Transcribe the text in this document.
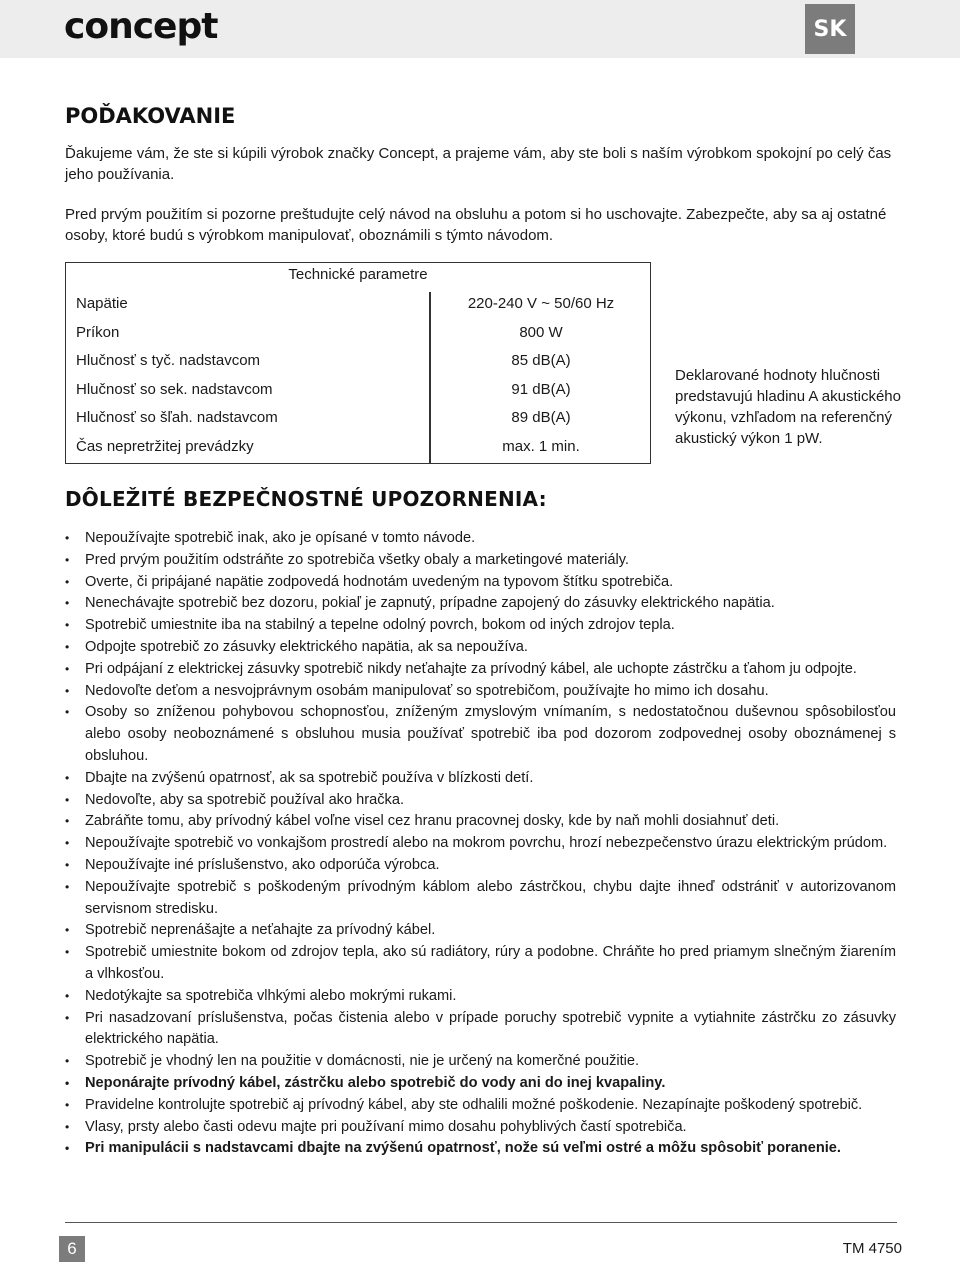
concept	SK
POĎAKOVANIE

Ďakujeme vám, že ste si kúpili výrobok značky Concept, a prajeme vám, aby ste boli s naším výrobkom spokojní po celý čas jeho používania.

Pred prvým použitím si pozorne preštudujte celý návod na obsluhu a potom si ho uschovajte. Zabezpečte, aby sa aj ostatné osoby, ktoré budú s výrobkom manipulovať, oboznámili s týmto návodom.

Technické parametre
Napätie	220-240 V ~ 50/60 Hz
Príkon	800 W
Hlučnosť s tyč. nadstavcom	85 dB(A)
Hlučnosť so sek. nadstavcom	91 dB(A)
Hlučnosť so šľah. nadstavcom	89 dB(A)
Čas nepretržitej prevádzky	max. 1 min.

Deklarované hodnoty hlučnosti predstavujú hladinu A akustického výkonu, vzhľadom na referenčný akustický výkon 1 pW.

DÔLEŽITÉ BEZPEČNOSTNÉ UPOZORNENIA:
• Nepoužívajte spotrebič inak, ako je opísané v tomto návode.
• Pred prvým použitím odstráňte zo spotrebiča všetky obaly a marketingové materiály.
• Overte, či pripájané napätie zodpovedá hodnotám uvedeným na typovom štítku spotrebiča.
• Nenechávajte spotrebič bez dozoru, pokiaľ je zapnutý, prípadne zapojený do zásuvky elektrického napätia.
• Spotrebič umiestnite iba na stabilný a tepelne odolný povrch, bokom od iných zdrojov tepla.
• Odpojte spotrebič zo zásuvky elektrického napätia, ak sa nepoužíva.
• Pri odpájaní z elektrickej zásuvky spotrebič nikdy neťahajte za prívodný kábel, ale uchopte zástrčku a ťahom ju odpojte.
• Nedovoľte deťom a nesvojprávnym osobám manipulovať so spotrebičom, používajte ho mimo ich dosahu.
• Osoby so zníženou pohybovou schopnosťou, zníženým zmyslovým vnímaním, s nedostatočnou duševnou spôsobilosťou alebo osoby neoboznámené s obsluhou musia používať spotrebič iba pod dozorom zodpovednej osoby oboznámenej s obsluhou.
• Dbajte na zvýšenú opatrnosť, ak sa spotrebič používa v blízkosti detí.
• Nedovoľte, aby sa spotrebič používal ako hračka.
• Zabráňte tomu, aby prívodný kábel voľne visel cez hranu pracovnej dosky, kde by naň mohli dosiahnuť deti.
• Nepoužívajte spotrebič vo vonkajšom prostredí alebo na mokrom povrchu, hrozí nebezpečenstvo úrazu elektrickým prúdom.
• Nepoužívajte iné príslušenstvo, ako odporúča výrobca.
• Nepoužívajte spotrebič s poškodeným prívodným káblom alebo zástrčkou, chybu dajte ihneď odstrániť v autorizovanom servisnom stredisku.
• Spotrebič neprenášajte a neťahajte za prívodný kábel.
• Spotrebič umiestnite bokom od zdrojov tepla, ako sú radiátory, rúry a podobne. Chráňte ho pred priamym slnečným žiarením a vlhkosťou.
• Nedotýkajte sa spotrebiča vlhkými alebo mokrými rukami.
• Pri nasadzovaní príslušenstva, počas čistenia alebo v prípade poruchy spotrebič vypnite a vytiahnite zástrčku zo zásuvky elektrického napätia.
• Spotrebič je vhodný len na použitie v domácnosti, nie je určený na komerčné použitie.
• Neponárajte prívodný kábel, zástrčku alebo spotrebič do vody ani do inej kvapaliny.
• Pravidelne kontrolujte spotrebič aj prívodný kábel, aby ste odhalili možné poškodenie. Nezapínajte poškodený spotrebič.
• Vlasy, prsty alebo časti odevu majte pri používaní mimo dosahu pohyblivých častí spotrebiča.
• Pri manipulácii s nadstavcami dbajte na zvýšenú opatrnosť, nože sú veľmi ostré a môžu spôsobiť poranenie.
6	TM 4750
